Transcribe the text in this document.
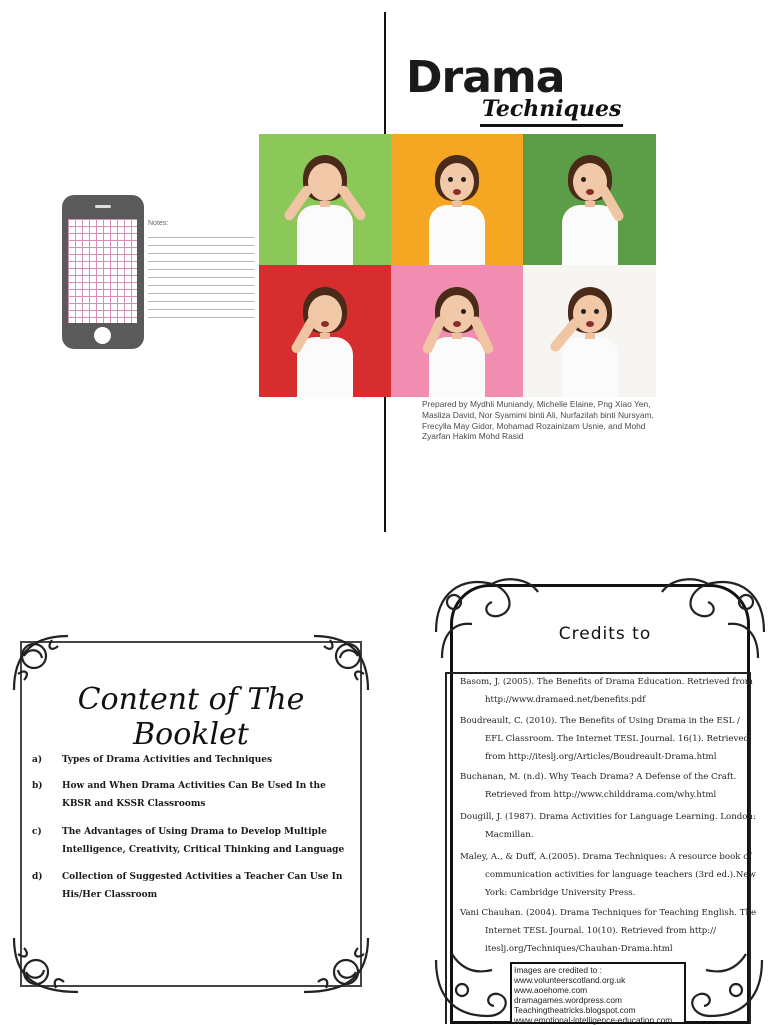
Drama
Techniques
Notes:
Prepared by Mydhli Muniandy, Michelle Elaine, Png Xiao Yen, Masliza David, Nor Syamimi binti Ali, Nurfazilah binti Nursyam, Frecylla May Gidor, Mohamad Rozainizam Usnie, and Mohd Zyarfan Hakim Mohd Rasid
Content of The Booklet
a)	Types of Drama Activities and Techniques
b)	How and When Drama Activities Can Be Used In the KBSR and KSSR Classrooms
c)	The Advantages of Using Drama to Develop Multiple Intelligence, Creativity, Critical Thinking and Language
d)	Collection of Suggested Activities a Teacher Can Use In His/Her Classroom
Credits to
Basom, J. (2005). The Benefits of Drama Education. Retrieved from http://www.dramaed.net/benefits.pdf
Boudreault, C. (2010). The Benefits of Using Drama in the ESL / EFL Classroom. The Internet TESL Journal. 16(1). Retrieved from http://iteslj.org/Articles/Boudreault-Drama.html
Buchanan, M. (n.d). Why Teach Drama? A Defense of the Craft. Retrieved from http://www.childdrama.com/why.html
Dougill, J. (1987). Drama Activities for Language Learning. London: Macmillan.
Maley, A., & Duff, A.(2005). Drama Techniques: A resource book of communication activities for language teachers (3rd ed.).New York: Cambridge University Press.
Vani Chauhan. (2004). Drama Techniques for Teaching English. The Internet TESL Journal. 10(10). Retrieved from http:// iteslj.org/Techniques/Chauhan-Drama.html
Images are credited to :
www.volunteerscotland.org.uk
www.aoehome.com
dramagames.wordpress.com
Teachingtheatricks.blogspot.com
www.emotional-intelligence-education.com
